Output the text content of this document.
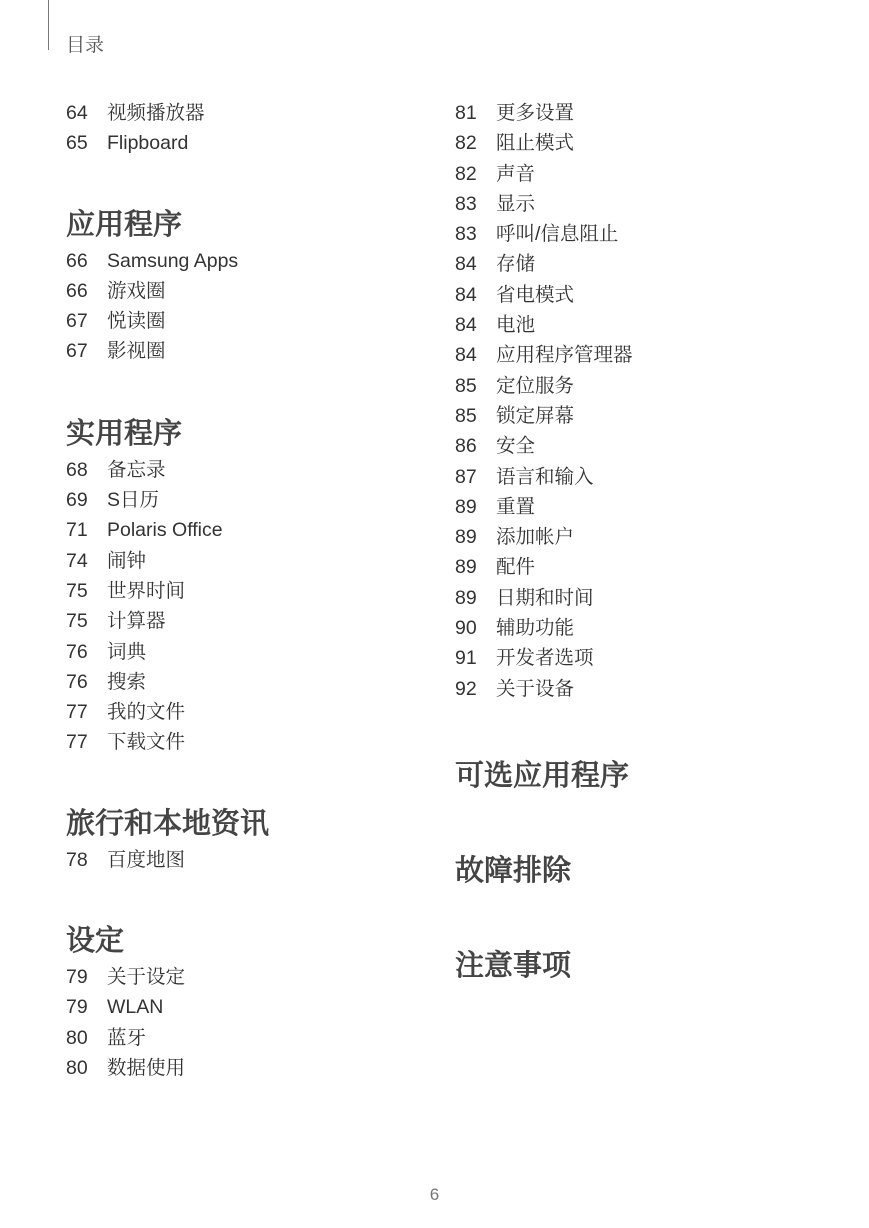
目录
64 视频播放器
65 Flipboard
应用程序
66 Samsung Apps
66 游戏圈
67 悦读圈
67 影视圈
实用程序
68 备忘录
69 S日历
71 Polaris Office
74 闹钟
75 世界时间
75 计算器
76 词典
76 搜索
77 我的文件
77 下载文件
旅行和本地资讯
78 百度地图
设定
79 关于设定
79 WLAN
80 蓝牙
80 数据使用
81 更多设置
82 阻止模式
82 声音
83 显示
83 呼叫/信息阻止
84 存储
84 省电模式
84 电池
84 应用程序管理器
85 定位服务
85 锁定屏幕
86 安全
87 语言和输入
89 重置
89 添加帐户
89 配件
89 日期和时间
90 辅助功能
91 开发者选项
92 关于设备
可选应用程序
故障排除
注意事项
6
